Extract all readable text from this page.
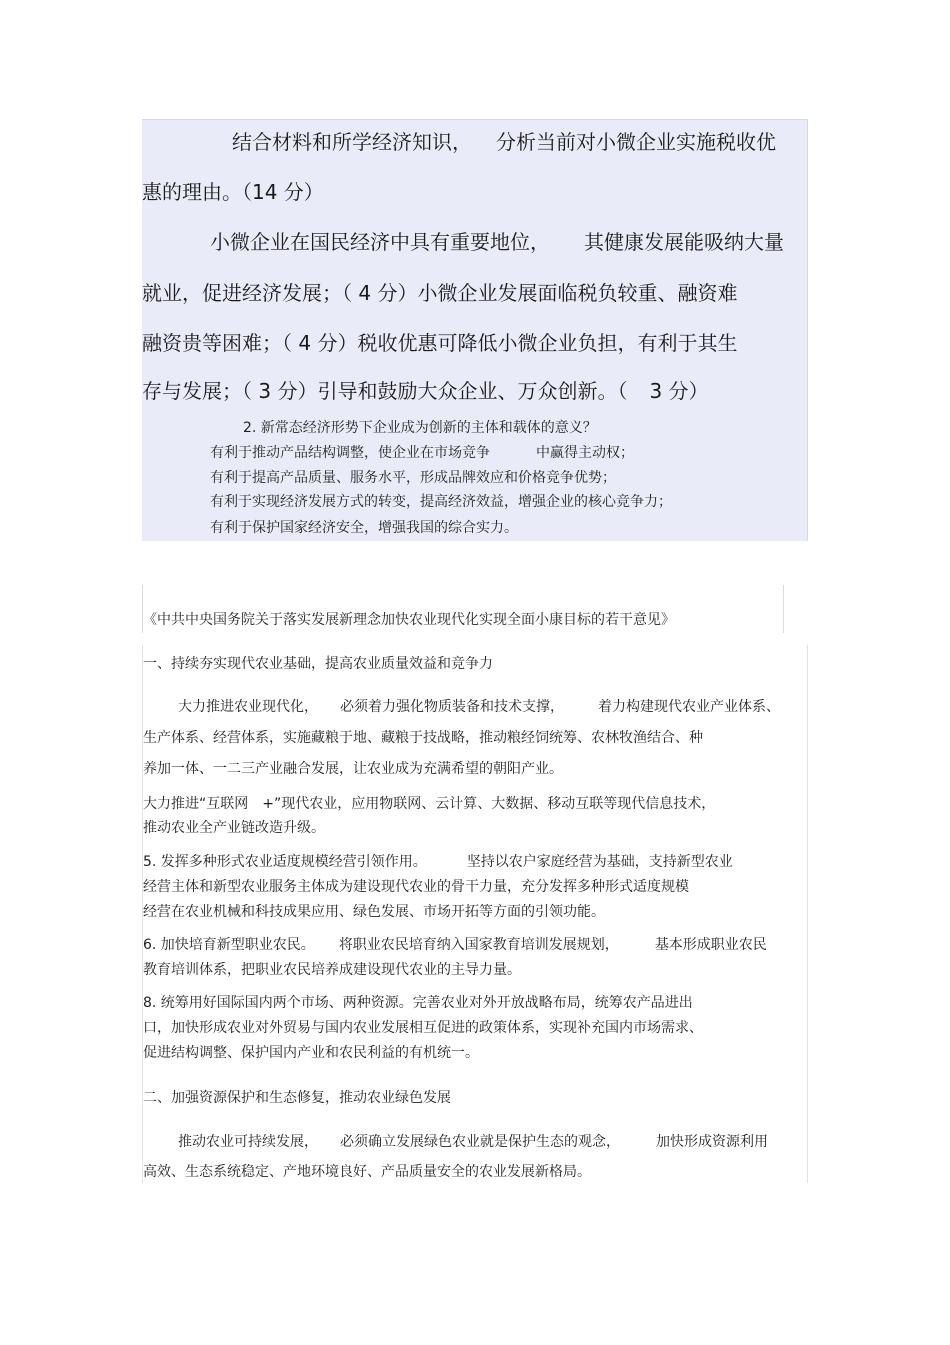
结合材料和所学经济知识， 分析当前对小微企业实施税收优
惠的理由。（14 分）
小微企业在国民经济中具有重要地位， 其健康发展能吸纳大量
就业，促进经济发展；（ 4 分）小微企业发展面临税负较重、融资难
融资贵等困难；（ 4 分）税收优惠可降低小微企业负担，有利于其生
存与发展；（ 3 分）引导和鼓励大众企业、万众创新。（ 3 分）
2. 新常态经济形势下企业成为创新的主体和载体的意义？
有利于推动产品结构调整，使企业在市场竞争	中赢得主动权；
有利于提高产品质量、服务水平，形成品牌效应和价格竞争优势；
有利于实现经济发展方式的转变，提高经济效益，增强企业的核心竞争力；
有利于保护国家经济安全，增强我国的综合实力。
《中共中央国务院关于落实发展新理念加快农业现代化实现全面小康目标的若干意见》
一、持续夯实现代农业基础，提高农业质量效益和竞争力
大力推进农业现代化， 必须着力强化物质装备和技术支撑， 着力构建现代农业产业体系、
生产体系、经营体系，实施藏粮于地、藏粮于技战略，推动粮经饲统筹、农林牧渔结合、种
养加一体、一二三产业融合发展，让农业成为充满希望的朝阳产业。
大力推进“互联网　+”现代农业，应用物联网、云计算、大数据、移动互联等现代信息技术，
推动农业全产业链改造升级。
5. 发挥多种形式农业适度规模经营引领作用。	坚持以农户家庭经营为基础，支持新型农业
经营主体和新型农业服务主体成为建设现代农业的骨干力量，充分发挥多种形式适度规模
经营在农业机械和科技成果应用、绿色发展、市场开拓等方面的引领功能。
6. 加快培育新型职业农民。 将职业农民培育纳入国家教育培训发展规划，	基本形成职业农民
教育培训体系，把职业农民培养成建设现代农业的主导力量。
8. 统筹用好国际国内两个市场、两种资源。完善农业对外开放战略布局，统筹农产品进出
口，加快形成农业对外贸易与国内农业发展相互促进的政策体系，实现补充国内市场需求、
促进结构调整、保护国内产业和农民利益的有机统一。
二、加强资源保护和生态修复，推动农业绿色发展
推动农业可持续发展， 必须确立发展绿色农业就是保护生态的观念，	加快形成资源利用
高效、生态系统稳定、产地环境良好、产品质量安全的农业发展新格局。
